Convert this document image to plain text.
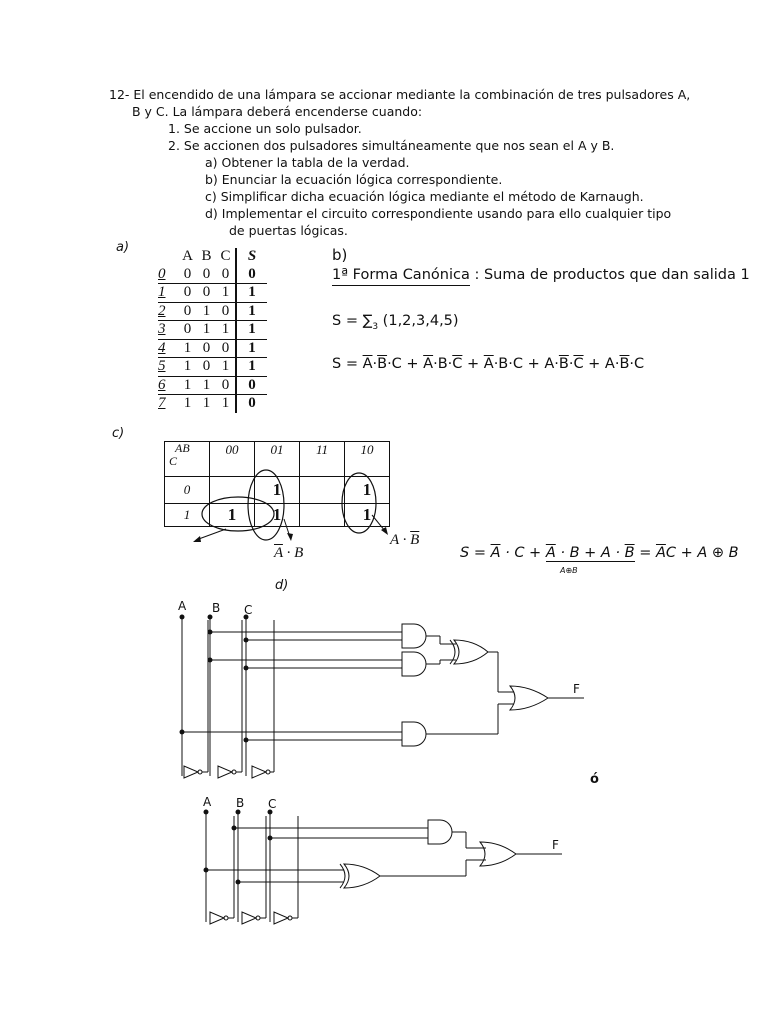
12- El encendido de una lámpara se accionar mediante la combinación de tres pulsadores A,
B y C. La lámpara deberá encenderse cuando:
1. Se accione un solo pulsador.
2. Se accionen dos pulsadores simultáneamente que nos sean el A y B.
a) Obtener la tabla de la verdad.
b) Enunciar la ecuación lógica correspondiente.
c) Simplificar dicha ecuación lógica mediante el método de Karnaugh.
d) Implementar el circuito correspondiente usando para ello cualquier tipo
de puertas lógicas.
a)
	A	B	C	S
0	0	0	0	0
1	0	0	1	1
2	0	1	0	1
3	0	1	1	1
4	1	0	0	1
5	1	0	1	1
6	1	1	0	0
7	1	1	1	0
b)
1ª Forma Canónica : Suma de productos que dan salida 1
$S = \sum_3$ (1,2,3,4,5)
$S = \overline{A}\cdot\overline{B}\cdot C + \overline{A}\cdot B\cdot\overline{C} + \overline{A}\cdot B\cdot C + A\cdot\overline{B}\cdot\overline{C} + A\cdot\overline{B}\cdot C$
c)
AB
C	00	01	11	10
0		1		1
1	1	1		1
$\overline{A} \cdot B$
$A \cdot \overline{B}$
$S = \overline{A} \cdot C + \overline{A} \cdot B + A \cdot \overline{B} = \overline{A}C + A$ ⊕ B
A⊕B
d)
A B C
F
ó
A B C
F
